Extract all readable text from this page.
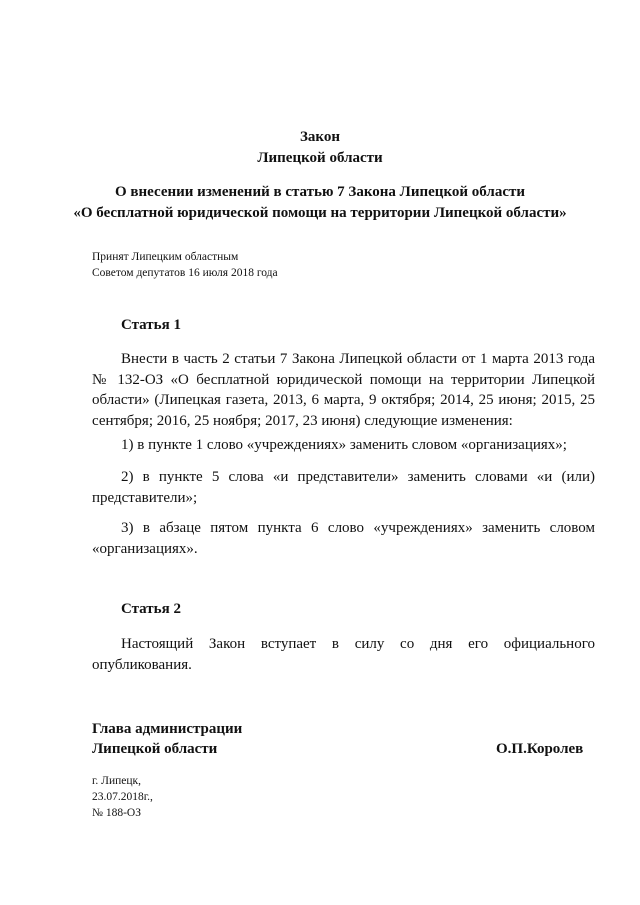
Закон
Липецкой области
О внесении изменений в статью 7 Закона Липецкой области
«О бесплатной юридической помощи на территории Липецкой области»
Принят Липецким областным
Советом депутатов 16 июля 2018 года
Статья 1
Внести в часть 2 статьи 7 Закона Липецкой области от 1 марта 2013 года № 132-ОЗ «О бесплатной юридической помощи на территории Липецкой области» (Липецкая газета, 2013, 6 марта, 9 октября; 2014, 25 июня; 2015, 25 сентября; 2016, 25 ноября; 2017, 23 июня) следующие изменения:
1) в пункте 1 слово «учреждениях» заменить словом «организациях»;
2) в пункте 5 слова «и представители» заменить словами «и (или) представители»;
3) в абзаце пятом пункта 6 слово «учреждениях» заменить словом «организациях».
Статья 2
Настоящий Закон вступает в силу со дня его официального опубликования.
Глава администрации
Липецкой области	О.П.Королев
г. Липецк,
23.07.2018г.,
№ 188-ОЗ
